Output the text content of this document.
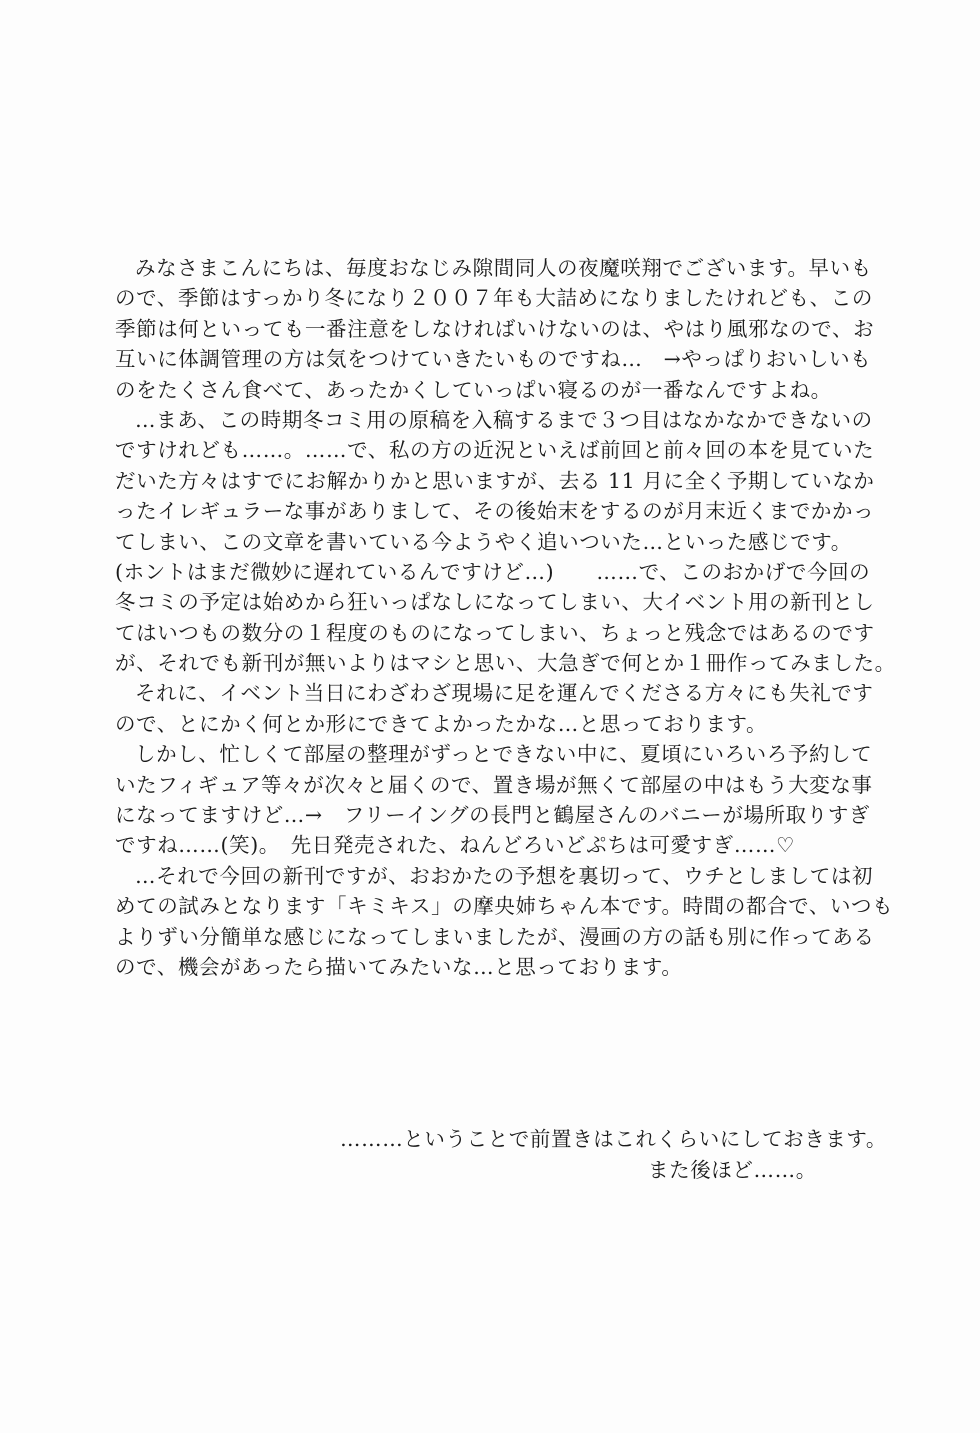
みなさまこんにちは、毎度おなじみ隙間同人の夜魔咲翔でございます。早いも
ので、季節はすっかり冬になり２００７年も大詰めになりましたけれども、この
季節は何といっても一番注意をしなければいけないのは、やはり風邪なので、お
互いに体調管理の方は気をつけていきたいものですね…　→やっぱりおいしいも
のをたくさん食べて、あったかくしていっぱい寝るのが一番なんですよね。
…まあ、この時期冬コミ用の原稿を入稿するまで３つ目はなかなかできないの
ですけれども……。……で、私の方の近況といえば前回と前々回の本を見ていた
だいた方々はすでにお解かりかと思いますが、去る 11 月に全く予期していなか
ったイレギュラーな事がありまして、その後始末をするのが月末近くまでかかっ
てしまい、この文章を書いている今ようやく追いついた…といった感じです。
(ホントはまだ微妙に遅れているんですけど…)　　……で、このおかげで今回の
冬コミの予定は始めから狂いっぱなしになってしまい、大イベント用の新刊とし
てはいつもの数分の１程度のものになってしまい、ちょっと残念ではあるのです
が、それでも新刊が無いよりはマシと思い、大急ぎで何とか１冊作ってみました。
それに、イベント当日にわざわざ現場に足を運んでくださる方々にも失礼です
ので、とにかく何とか形にできてよかったかな…と思っております。
しかし、忙しくて部屋の整理がずっとできない中に、夏頃にいろいろ予約して
いたフィギュア等々が次々と届くので、置き場が無くて部屋の中はもう大変な事
になってますけど…→　フリーイングの長門と鶴屋さんのバニーが場所取りすぎ
ですね……(笑)。　先日発売された、ねんどろいどぷちは可愛すぎ……♡
…それで今回の新刊ですが、おおかたの予想を裏切って、ウチとしましては初
めての試みとなります「キミキス」の摩央姉ちゃん本です。時間の都合で、いつも
よりずい分簡単な感じになってしまいましたが、漫画の方の話も別に作ってある
ので、機会があったら描いてみたいな…と思っております。
………ということで前置きはこれくらいにしておきます。
また後ほど……。
